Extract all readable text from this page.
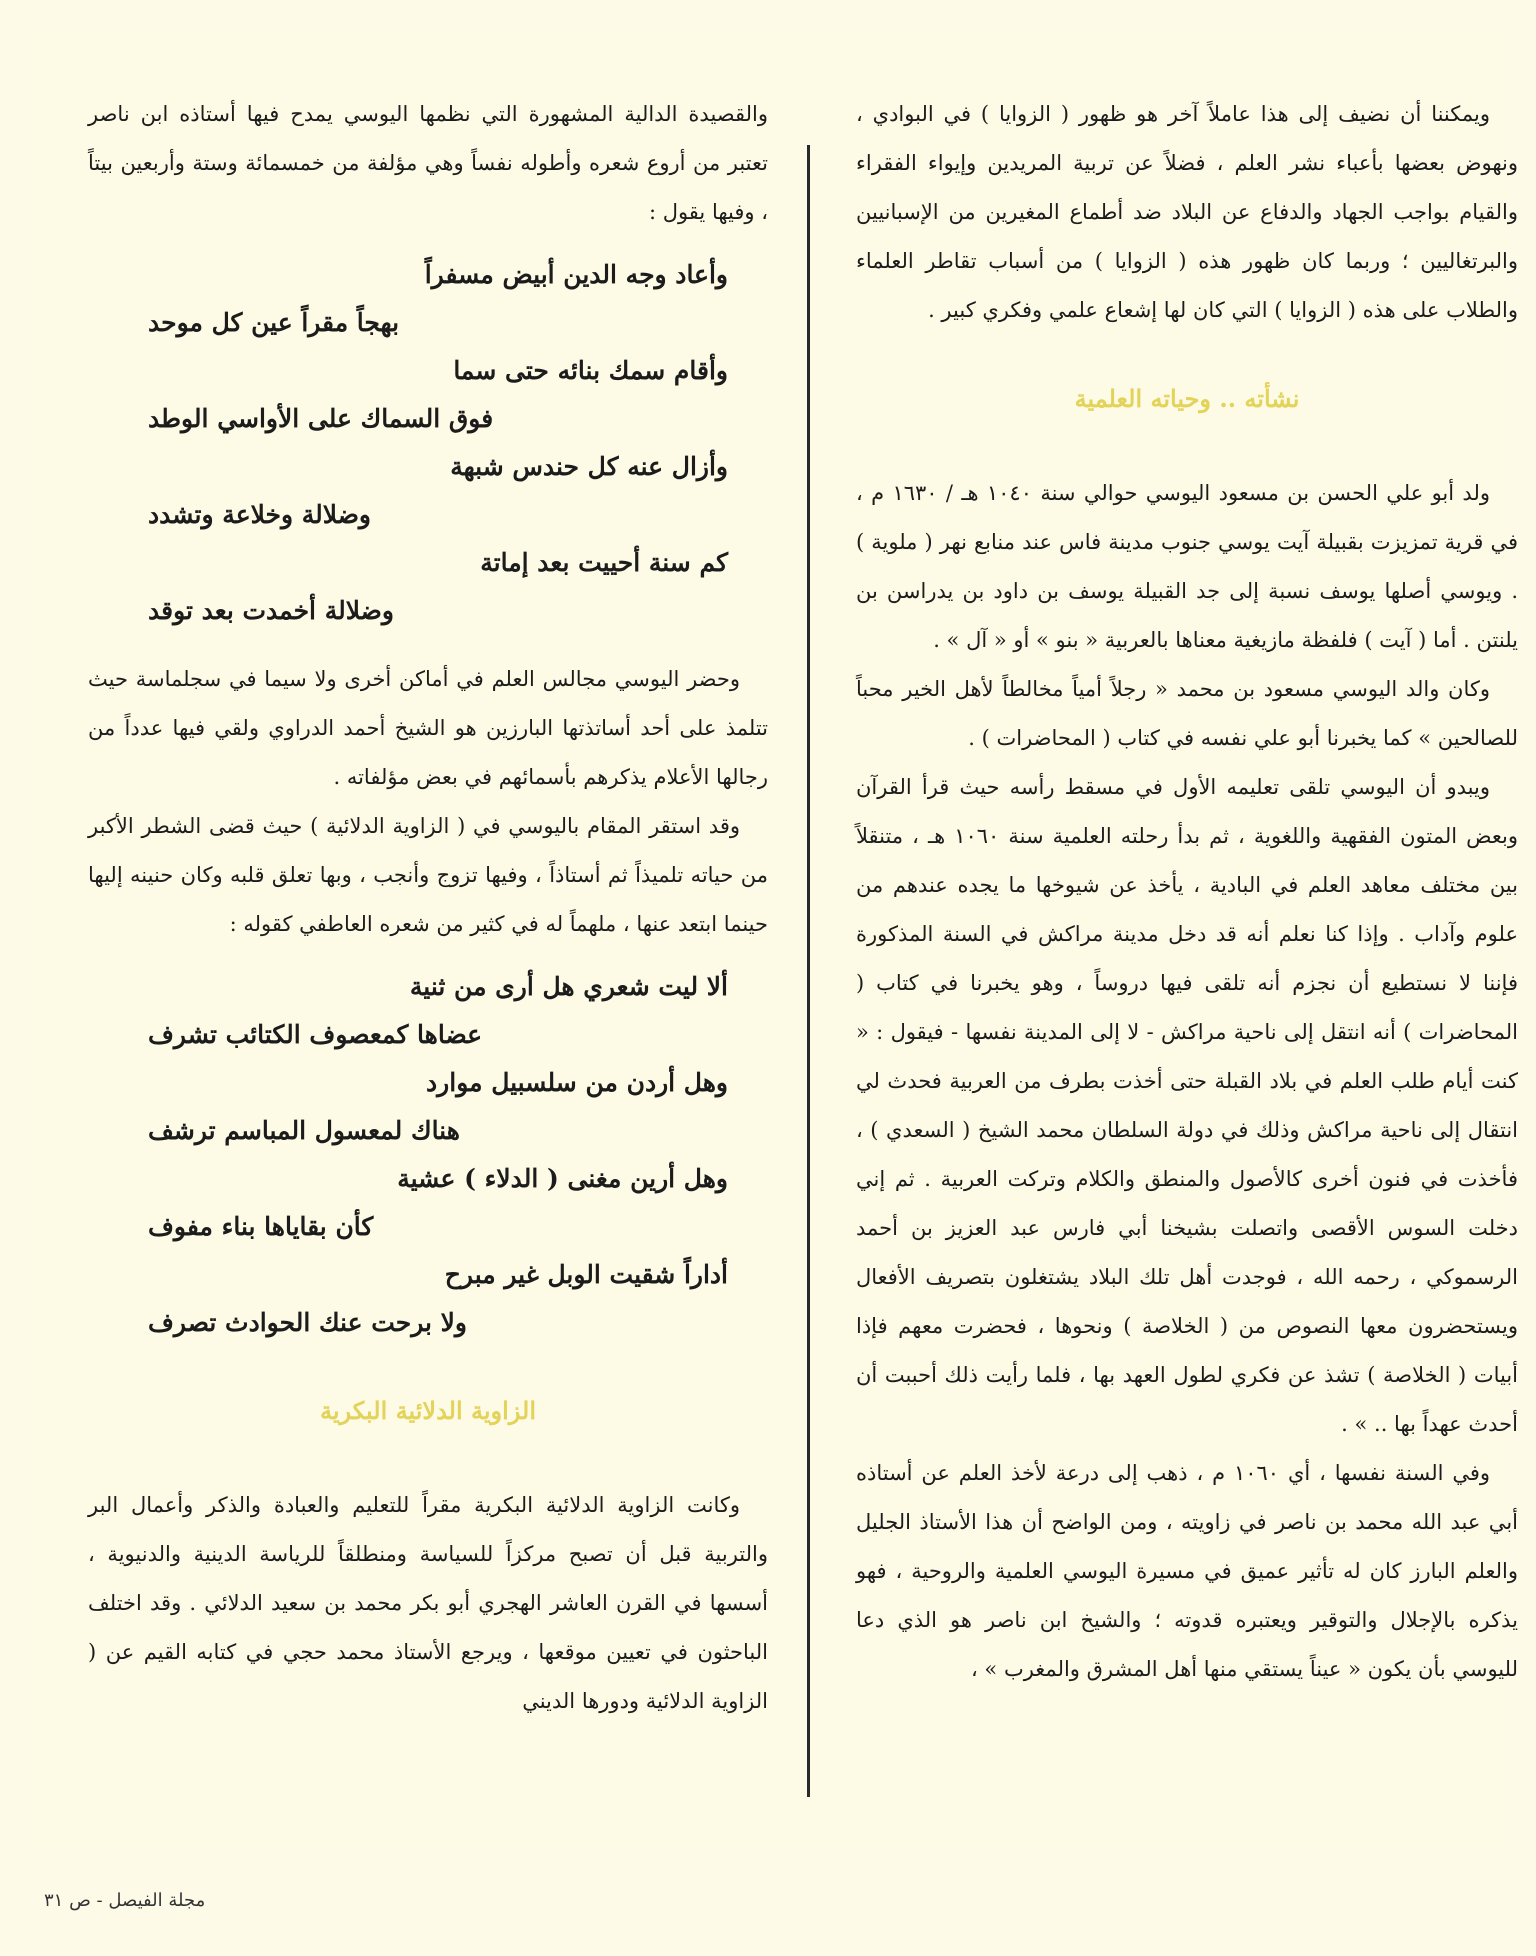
ويمكننا أن نضيف إلى هذا عاملاً آخر هو ظهور ( الزوايا ) في البوادي ، ونهوض بعضها بأعباء نشر العلم ، فضلاً عن تربية المريدين وإيواء الفقراء والقيام بواجب الجهاد والدفاع عن البلاد ضد أطماع المغيرين من الإسبانيين والبرتغاليين ؛ وربما كان ظهور هذه ( الزوايا ) من أسباب تقاطر العلماء والطلاب على هذه ( الزوايا ) التي كان لها إشعاع علمي وفكري كبير .

نشأته .. وحياته العلمية

ولد أبو علي الحسن بن مسعود اليوسي حوالي سنة ١٠٤٠ هـ / ١٦٣٠ م ، في قرية تمزيزت بقبيلة آيت يوسي جنوب مدينة فاس عند منابع نهر ( ملوية ) . ويوسي أصلها يوسف نسبة إلى جد القبيلة يوسف بن داود بن يدراسن بن يلنتن . أما ( آيت ) فلفظة مازيغية معناها بالعربية « بنو » أو « آل » .

وكان والد اليوسي مسعود بن محمد « رجلاً أمياً مخالطاً لأهل الخير محباً للصالحين » كما يخبرنا أبو علي نفسه في كتاب ( المحاضرات ) .

ويبدو أن اليوسي تلقى تعليمه الأول في مسقط رأسه حيث قرأ القرآن وبعض المتون الفقهية واللغوية ، ثم بدأ رحلته العلمية سنة ١٠٦٠ هـ ، متنقلاً بين مختلف معاهد العلم في البادية ، يأخذ عن شيوخها ما يجده عندهم من علوم وآداب . وإذا كنا نعلم أنه قد دخل مدينة مراكش في السنة المذكورة فإننا لا نستطيع أن نجزم أنه تلقى فيها دروساً ، وهو يخبرنا في كتاب ( المحاضرات ) أنه انتقل إلى ناحية مراكش - لا إلى المدينة نفسها - فيقول : « كنت أيام طلب العلم في بلاد القبلة حتى أخذت بطرف من العربية فحدث لي انتقال إلى ناحية مراكش وذلك في دولة السلطان محمد الشيخ ( السعدي ) ، فأخذت في فنون أخرى كالأصول والمنطق والكلام وتركت العربية . ثم إني دخلت السوس الأقصى واتصلت بشيخنا أبي فارس عبد العزيز بن أحمد الرسموكي ، رحمه الله ، فوجدت أهل تلك البلاد يشتغلون بتصريف الأفعال ويستحضرون معها النصوص من ( الخلاصة ) ونحوها ، فحضرت معهم فإذا أبيات ( الخلاصة ) تشذ عن فكري لطول العهد بها ، فلما رأيت ذلك أحببت أن أحدث عهداً بها .. » .

وفي السنة نفسها ، أي ١٠٦٠ م ، ذهب إلى درعة لأخذ العلم عن أستاذه أبي عبد الله محمد بن ناصر في زاويته ، ومن الواضح أن هذا الأستاذ الجليل والعلم البارز كان له تأثير عميق في مسيرة اليوسي العلمية والروحية ، فهو يذكره بالإجلال والتوقير ويعتبره قدوته ؛ والشيخ ابن ناصر هو الذي دعا لليوسي بأن يكون « عيناً يستقي منها أهل المشرق والمغرب » ،

والقصيدة الدالية المشهورة التي نظمها اليوسي يمدح فيها أستاذه ابن ناصر تعتبر من أروع شعره وأطوله نفساً وهي مؤلفة من خمسمائة وستة وأربعين بيتاً ، وفيها يقول :

وأعاد وجه الدين أبيض مسفراً
بهجاً مقراً عين كل موحد
وأقام سمك بنائه حتى سما
فوق السماك على الأواسي الوطد
وأزال عنه كل حندس شبهة
وضلالة وخلاعة وتشدد
كم سنة أحييت بعد إماتة
وضلالة أخمدت بعد توقد

وحضر اليوسي مجالس العلم في أماكن أخرى ولا سيما في سجلماسة حيث تتلمذ على أحد أساتذتها البارزين هو الشيخ أحمد الدراوي ولقي فيها عدداً من رجالها الأعلام يذكرهم بأسمائهم في بعض مؤلفاته .

وقد استقر المقام باليوسي في ( الزاوية الدلائية ) حيث قضى الشطر الأكبر من حياته تلميذاً ثم أستاذاً ، وفيها تزوج وأنجب ، وبها تعلق قلبه وكان حنينه إليها حينما ابتعد عنها ، ملهماً له في كثير من شعره العاطفي كقوله :

ألا ليت شعري هل أرى من ثنية
عضاها كمعصوف الكتائب تشرف
وهل أردن من سلسبيل موارد
هناك لمعسول المباسم ترشف
وهل أرين مغنى ( الدلاء ) عشية
كأن بقاياها بناء مفوف
أداراً شقيت الوبل غير مبرح
ولا برحت عنك الحوادث تصرف
الزاوية الدلائية البكرية

وكانت الزاوية الدلائية البكرية مقراً للتعليم والعبادة والذكر وأعمال البر والتربية قبل أن تصبح مركزاً للسياسة ومنطلقاً للرياسة الدينية والدنيوية ، أسسها في القرن العاشر الهجري أبو بكر محمد بن سعيد الدلائي . وقد اختلف الباحثون في تعيين موقعها ، ويرجع الأستاذ محمد حجي في كتابه القيم عن ( الزاوية الدلائية ودورها الديني

مجلة الفيصل - ص ٣١
